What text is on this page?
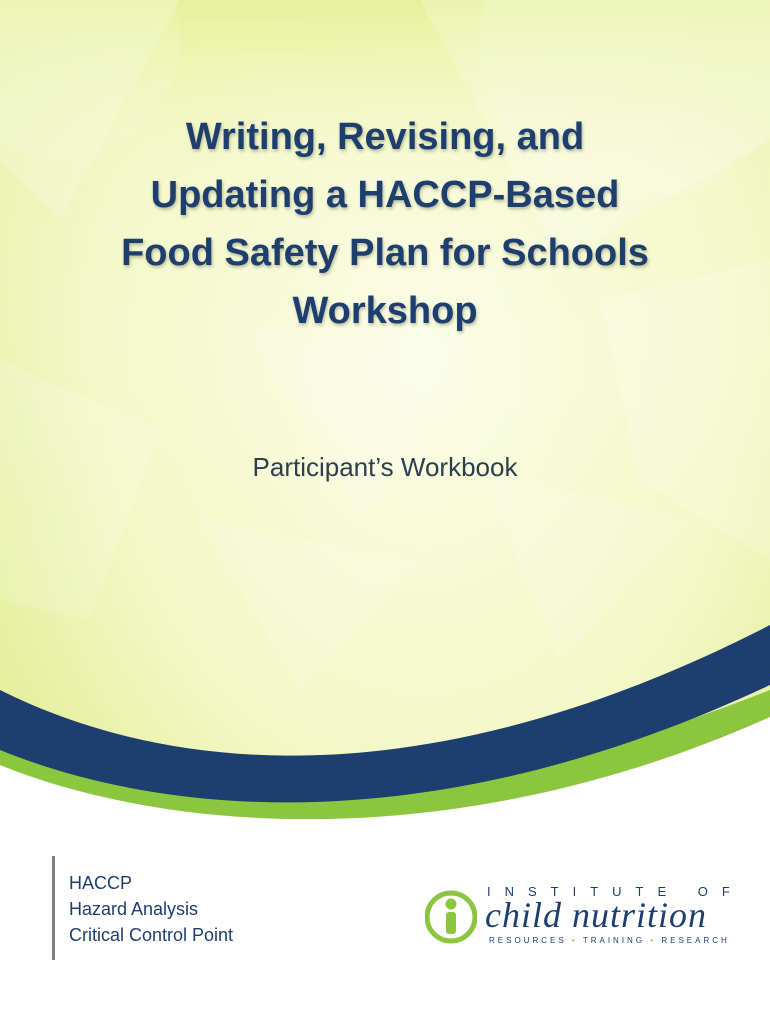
Writing, Revising, and
Updating a HACCP-Based
Food Safety Plan for Schools
Workshop
Participant’s Workbook
HACCP
Hazard Analysis
Critical Control Point
INSTITUTE OF
child nutrition
RESOURCES • TRAINING • RESEARCH
